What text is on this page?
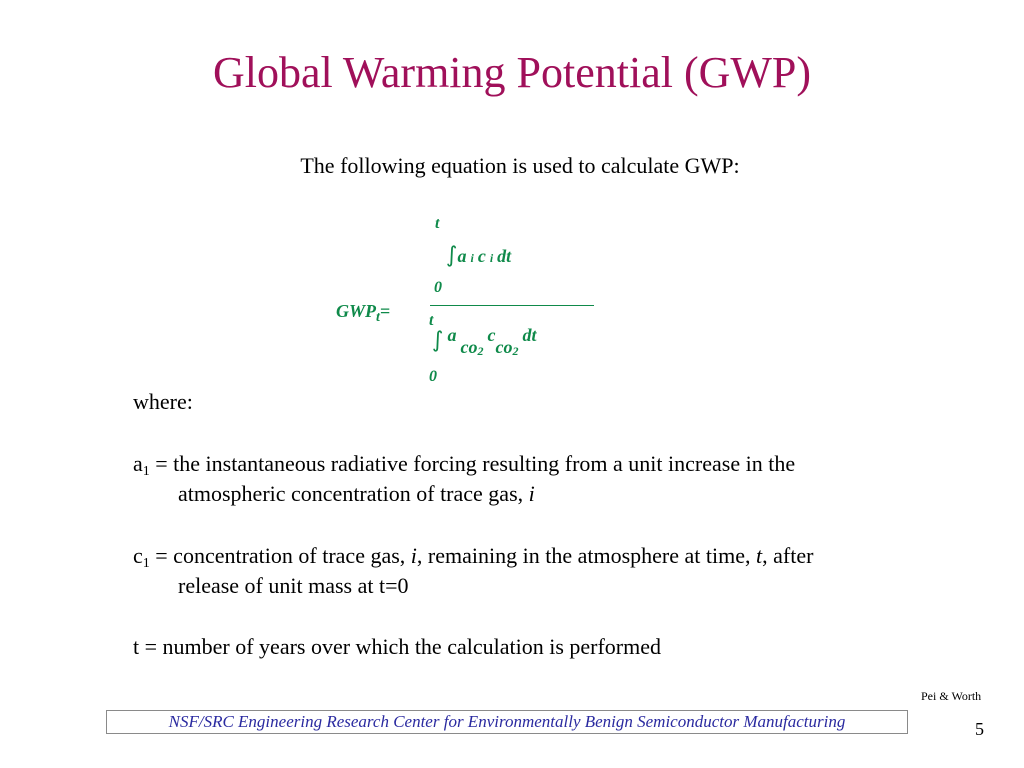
Global Warming Potential (GWP)
The following equation is used to calculate GWP:
$GWP_t=$
t
∫a i c i dt
0
t
∫ a $co_2$ cco$_2$ dt
0
where:
$a_1$ = the instantaneous radiative forcing resulting from a unit increase in the
atmospheric concentration of trace gas, i
$c_1$ = concentration of trace gas, i, remaining in the atmosphere at time, t, after
release of unit mass at t=0
t = number of years over which the calculation is performed
Pei & Worth
NSF/SRC Engineering Research Center for Environmentally Benign Semiconductor Manufacturing	5
